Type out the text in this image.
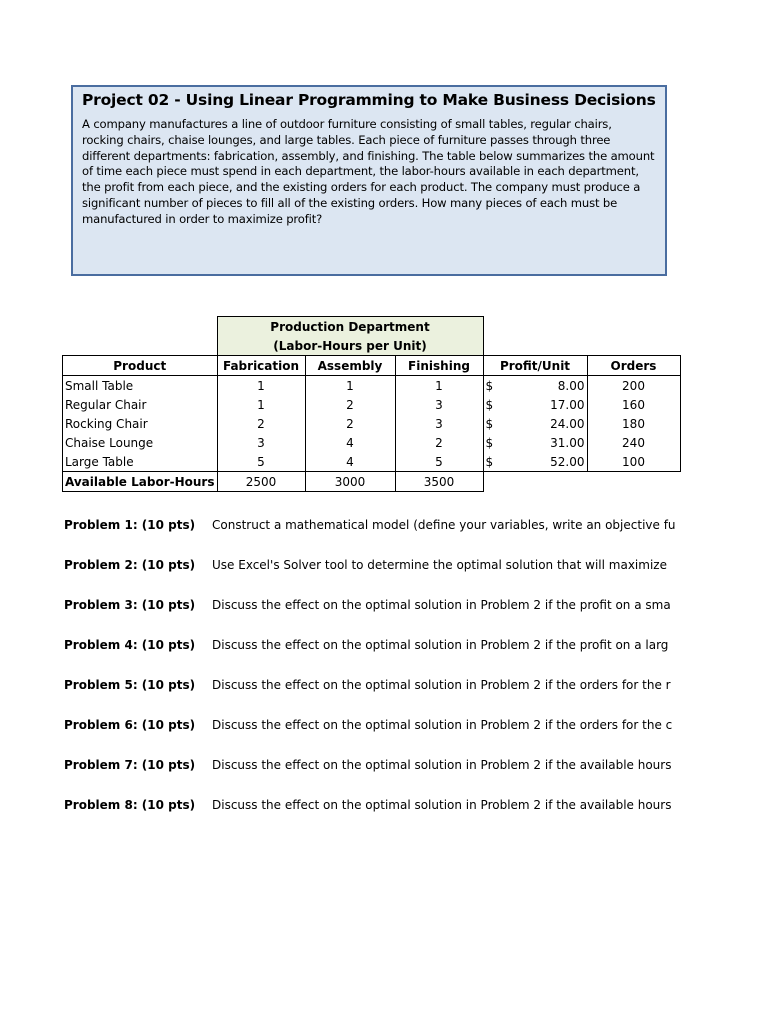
Project 02 - Using Linear Programming to Make Business Decisions

A company manufactures a line of outdoor furniture consisting of small tables, regular chairs, rocking chairs, chaise lounges, and large tables. Each piece of furniture passes through three different departments: fabrication, assembly, and finishing. The table below summarizes the amount of time each piece must spend in each department, the labor-hours available in each department, the profit from each piece, and the existing orders for each product. The company must produce a significant number of pieces to fill all of the existing orders. How many pieces of each must be manufactured in order to maximize profit?

	Production Department				
	(Labor-Hours per Unit)				
Product	Fabrication	Assembly	Finishing	Profit/Unit	Orders
Small Table	1	1	1	$ 8.00	200
Regular Chair	1	2	3	$ 17.00	160
Rocking Chair	2	2	3	$ 24.00	180
Chaise Lounge	3	4	2	$ 31.00	240
Large Table	5	4	5	$ 52.00	100
Available Labor-Hours	2500	3000	3500		
Problem 1: (10 pts)	Construct a mathematical model (define your variables, write an objective fu
Problem 2: (10 pts)	Use Excel's Solver tool to determine the optimal solution that will maximize
Problem 3: (10 pts)	Discuss the effect on the optimal solution in Problem 2 if the profit on a sma
Problem 4: (10 pts)	Discuss the effect on the optimal solution in Problem 2 if the profit on a larg
Problem 5: (10 pts)	Discuss the effect on the optimal solution in Problem 2 if the orders for the r
Problem 6: (10 pts)	Discuss the effect on the optimal solution in Problem 2 if the orders for the c
Problem 7: (10 pts)	Discuss the effect on the optimal solution in Problem 2 if the available hours
Problem 8: (10 pts)	Discuss the effect on the optimal solution in Problem 2 if the available hours
